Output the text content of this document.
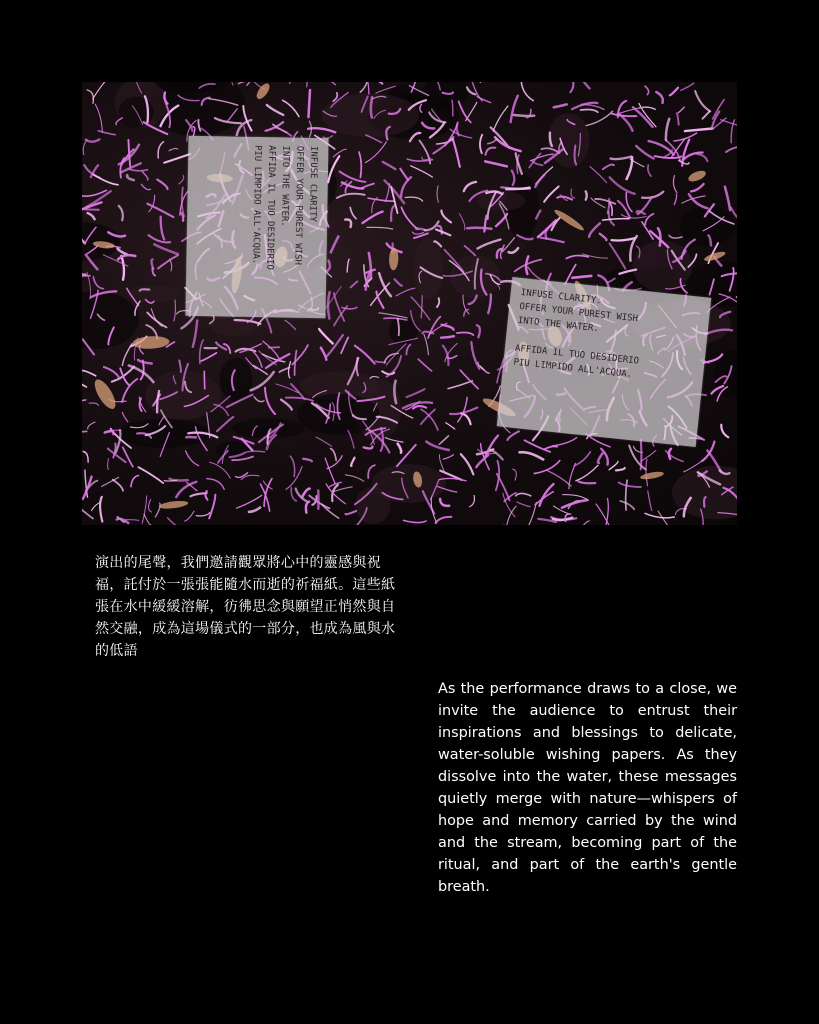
INFUSE CLARITY
OFFER YOUR PUREST WISH
INTO THE WATER.
AFFIDA IL TUO DESIDERIO
PIU LIMPIDO ALL'ACQUA.

INFUSE CLARITY.
OFFER YOUR PUREST WISH
INTO THE WATER.

AFFIDA IL TUO DESIDERIO
PIU LIMPIDO ALL'ACQUA.
演出的尾聲，我們邀請觀眾將心中的靈感與祝福，託付於一張張能隨水而逝的祈福紙。這些紙張在水中緩緩溶解，彷彿思念與願望正悄然與自然交融，成為這場儀式的一部分，也成為風與水的低語
As the performance draws to a close, we invite the audience to entrust their inspirations and blessings to delicate, water-soluble wishing papers. As they dissolve into the water, these messages quietly merge with nature—whispers of hope and memory carried by the wind and the stream, becoming part of the ritual, and part of the earth's gentle breath.
